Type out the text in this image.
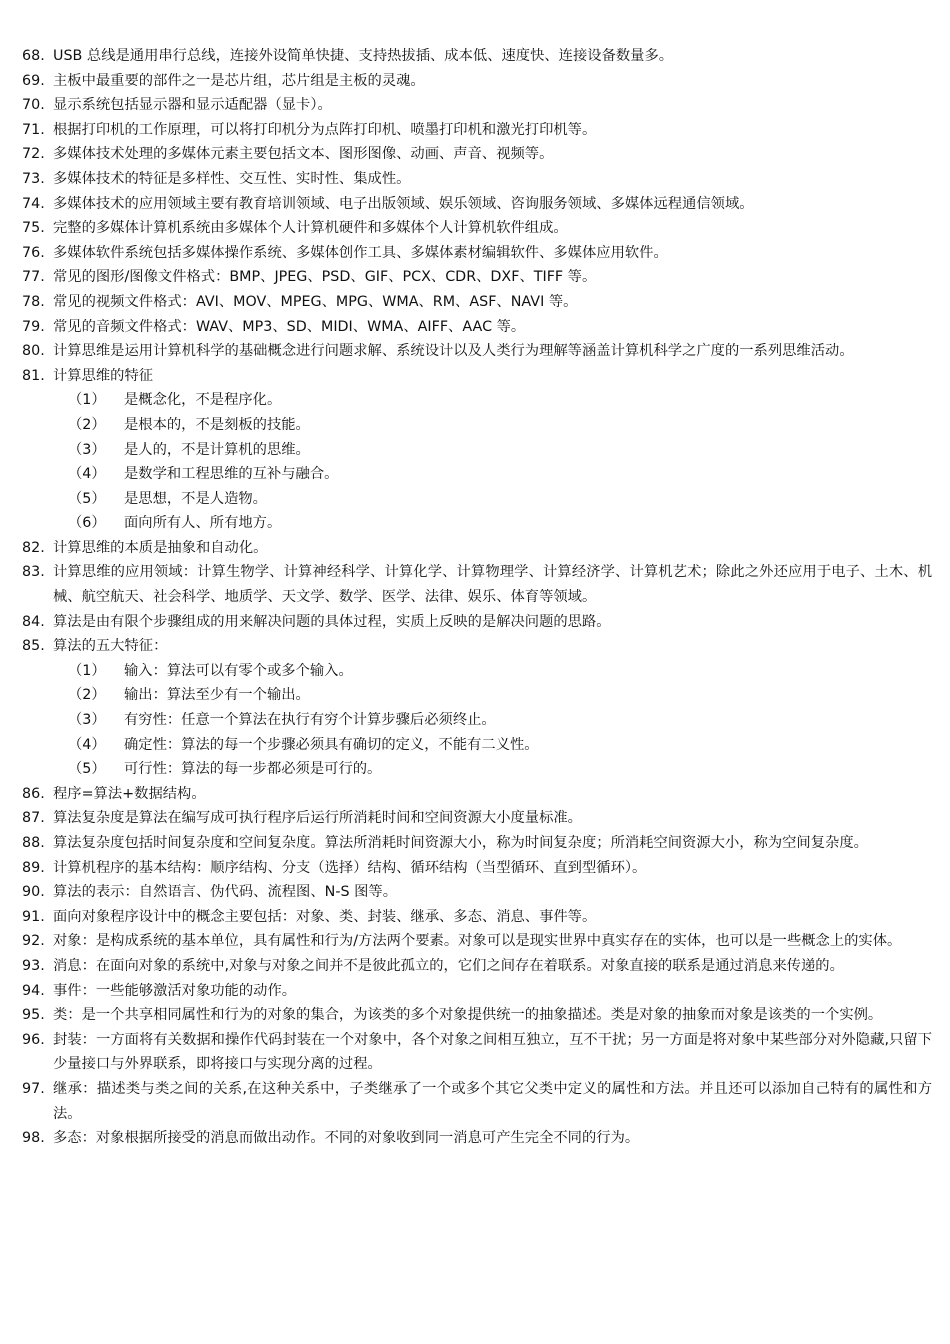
68. USB 总线是通用串行总线，连接外设简单快捷、支持热拔插、成本低、速度快、连接设备数量多。
69. 主板中最重要的部件之一是芯片组，芯片组是主板的灵魂。
70. 显示系统包括显示器和显示适配器（显卡）。
71. 根据打印机的工作原理，可以将打印机分为点阵打印机、喷墨打印机和激光打印机等。
72. 多媒体技术处理的多媒体元素主要包括文本、图形图像、动画、声音、视频等。
73. 多媒体技术的特征是多样性、交互性、实时性、集成性。
74. 多媒体技术的应用领域主要有教育培训领域、电子出版领域、娱乐领域、咨询服务领域、多媒体远程通信领域。
75. 完整的多媒体计算机系统由多媒体个人计算机硬件和多媒体个人计算机软件组成。
76. 多媒体软件系统包括多媒体操作系统、多媒体创作工具、多媒体素材编辑软件、多媒体应用软件。
77. 常见的图形/图像文件格式：BMP、JPEG、PSD、GIF、PCX、CDR、DXF、TIFF 等。
78. 常见的视频文件格式：AVI、MOV、MPEG、MPG、WMA、RM、ASF、NAVI 等。
79. 常见的音频文件格式：WAV、MP3、SD、MIDI、WMA、AIFF、AAC 等。
80. 计算思维是运用计算机科学的基础概念进行问题求解、系统设计以及人类行为理解等涵盖计算机科学之广度的一系列思维活动。
81. 计算思维的特征
（1）	是概念化，不是程序化。
（2）	是根本的，不是刻板的技能。
（3）	是人的，不是计算机的思维。
（4）	是数学和工程思维的互补与融合。
（5）	是思想，不是人造物。
（6）	面向所有人、所有地方。
82. 计算思维的本质是抽象和自动化。
83. 计算思维的应用领域：计算生物学、计算神经科学、计算化学、计算物理学、计算经济学、计算机艺术；除此之外还应用于电子、土木、机械、航空航天、社会科学、地质学、天文学、数学、医学、法律、娱乐、体育等领域。
84. 算法是由有限个步骤组成的用来解决问题的具体过程，实质上反映的是解决问题的思路。
85. 算法的五大特征：
（1）	输入：算法可以有零个或多个输入。
（2）	输出：算法至少有一个输出。
（3）	有穷性：任意一个算法在执行有穷个计算步骤后必须终止。
（4）	确定性：算法的每一个步骤必须具有确切的定义，不能有二义性。
（5）	可行性：算法的每一步都必须是可行的。
86. 程序=算法+数据结构。
87. 算法复杂度是算法在编写成可执行程序后运行所消耗时间和空间资源大小度量标准。
88. 算法复杂度包括时间复杂度和空间复杂度。算法所消耗时间资源大小，称为时间复杂度；所消耗空间资源大小，称为空间复杂度。
89. 计算机程序的基本结构：顺序结构、分支（选择）结构、循环结构（当型循环、直到型循环）。
90. 算法的表示：自然语言、伪代码、流程图、N-S 图等。
91. 面向对象程序设计中的概念主要包括：对象、类、封装、继承、多态、消息、事件等。
92. 对象：是构成系统的基本单位，具有属性和行为/方法两个要素。对象可以是现实世界中真实存在的实体，也可以是一些概念上的实体。
93. 消息：在面向对象的系统中,对象与对象之间并不是彼此孤立的，它们之间存在着联系。对象直接的联系是通过消息来传递的。
94. 事件：一些能够激活对象功能的动作。
95. 类：是一个共享相同属性和行为的对象的集合，为该类的多个对象提供统一的抽象描述。类是对象的抽象而对象是该类的一个实例。
96. 封装：一方面将有关数据和操作代码封装在一个对象中，各个对象之间相互独立，互不干扰；另一方面是将对象中某些部分对外隐藏,只留下少量接口与外界联系，即将接口与实现分离的过程。
97. 继承：描述类与类之间的关系,在这种关系中，子类继承了一个或多个其它父类中定义的属性和方法。并且还可以添加自己特有的属性和方法。
98. 多态：对象根据所接受的消息而做出动作。不同的对象收到同一消息可产生完全不同的行为。
